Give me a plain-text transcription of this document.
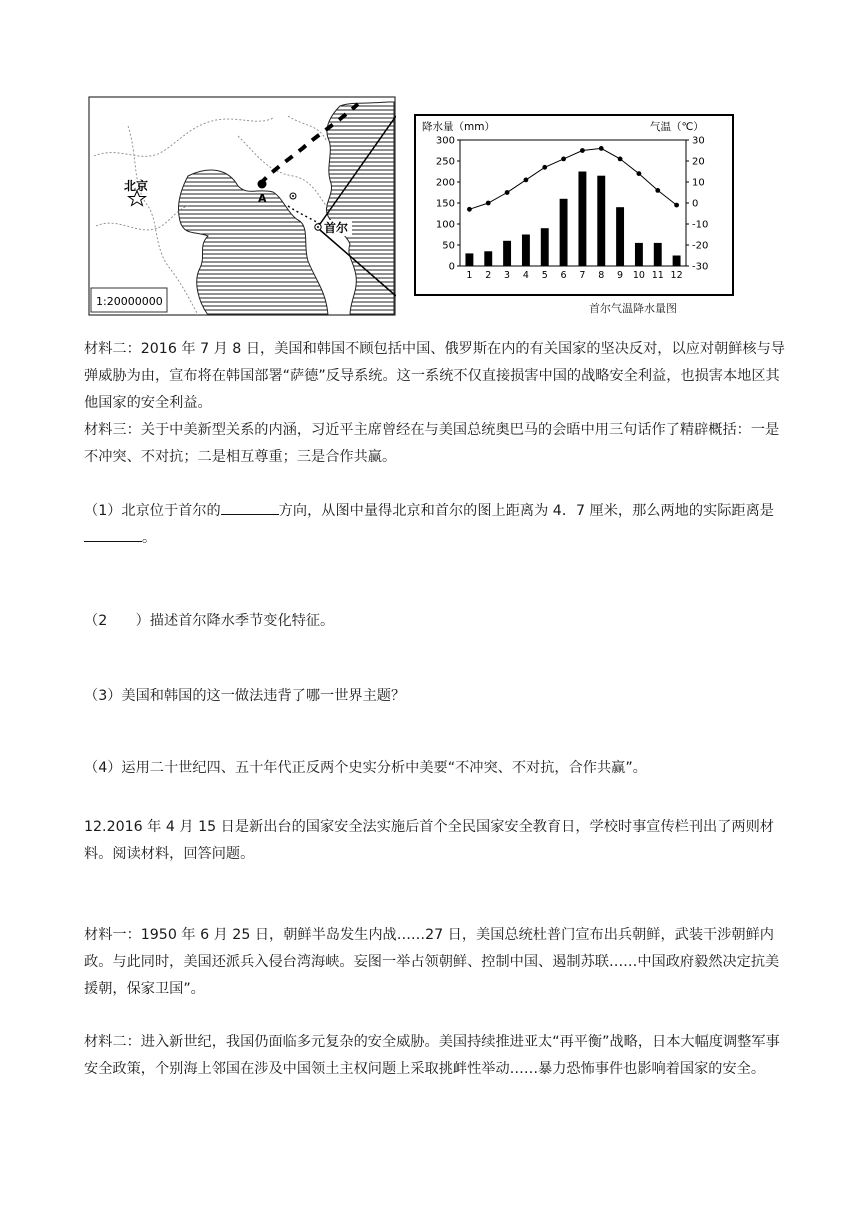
北京
A
首尔
1:20000000
降水量（mm）	气温（℃）
0
50
100
150
200
250
300
-30
-20
-10
0
10
20
30
1 2 3 4 5 6 7 8 9 10 11 12
首尔气温降水量图

材料二：2016 年 7 月 8 日，美国和韩国不顾包括中国、俄罗斯在内的有关国家的坚决反对，以应对朝鲜核与导弹威胁为由，宣布将在韩国部署“萨德”反导系统。这一系统不仅直接损害中国的战略安全利益，也损害本地区其他国家的安全利益。

材料三：关于中美新型关系的内涵，习近平主席曾经在与美国总统奥巴马的会晤中用三句话作了精辟概括：一是不冲突、不对抗；二是相互尊重；三是合作共赢。

（1）北京位于首尔的	方向，从图中量得北京和首尔的图上距离为 4．7 厘米，那么两地的实际距离是。

（2　　）描述首尔降水季节变化特征。

（3）美国和韩国的这一做法违背了哪一世界主题？

（4）运用二十世纪四、五十年代正反两个史实分析中美要“不冲突、不对抗，合作共赢”。

12.2016 年 4 月 15 日是新出台的国家安全法实施后首个全民国家安全教育日，学校时事宣传栏刊出了两则材料。阅读材料，回答问题。

材料一：1950 年 6 月 25 日，朝鲜半岛发生内战……27 日，美国总统杜普门宣布出兵朝鲜，武装干涉朝鲜内政。与此同时，美国还派兵入侵台湾海峡。妄图一举占领朝鲜、控制中国、遏制苏联……中国政府毅然决定抗美援朝，保家卫国”。

材料二：进入新世纪，我国仍面临多元复杂的安全威胁。美国持续推进亚太“再平衡”战略，日本大幅度调整军事安全政策，个别海上邻国在涉及中国领土主权问题上采取挑衅性举动……暴力恐怖事件也影响着国家的安全。
